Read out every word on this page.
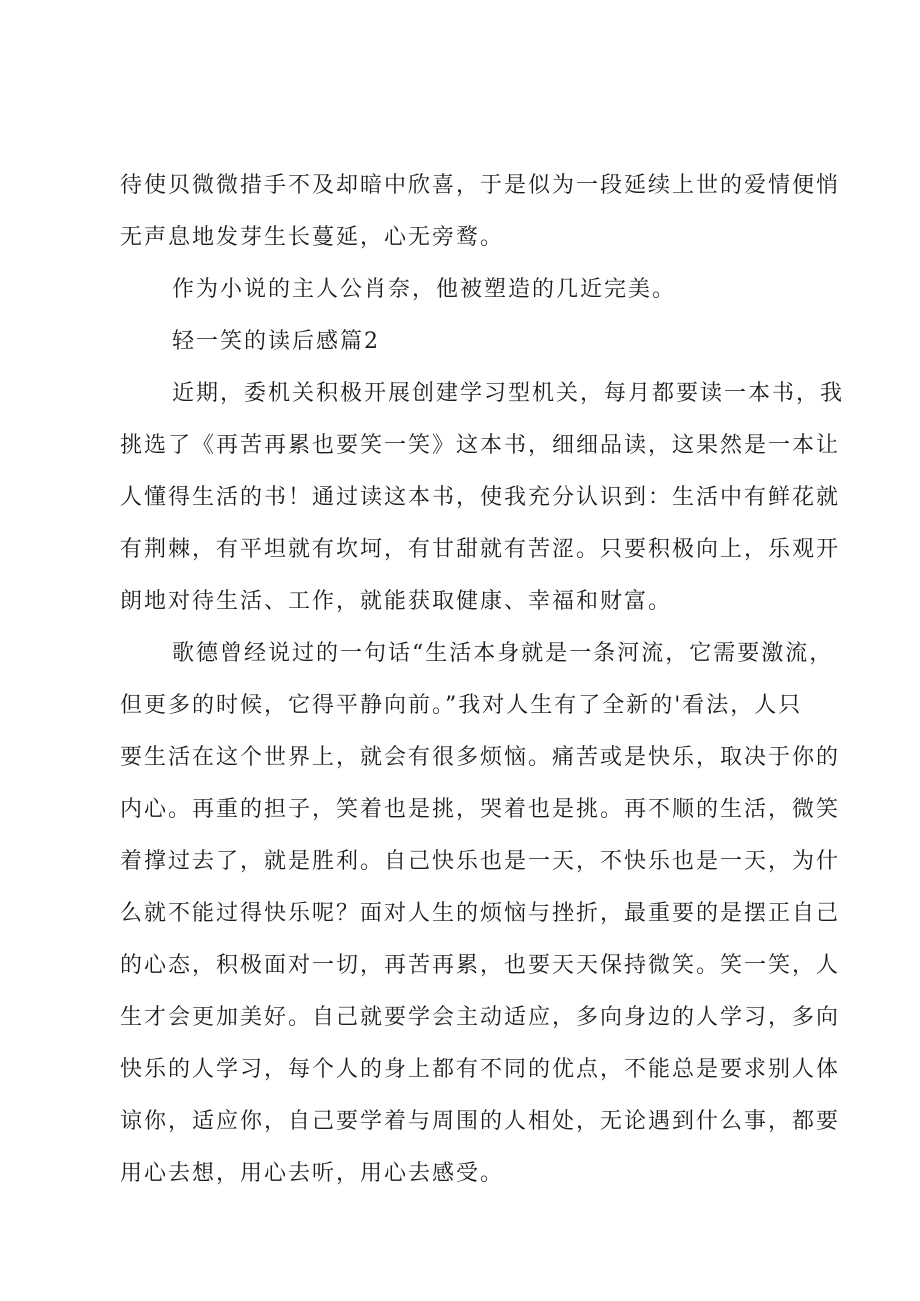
待使贝微微措手不及却暗中欣喜，于是似为一段延续上世的爱情便悄
无声息地发芽生长蔓延，心无旁鹜。
作为小说的主人公肖奈，他被塑造的几近完美。
轻一笑的读后感篇2
近期，委机关积极开展创建学习型机关，每月都要读一本书，我
挑选了《再苦再累也要笑一笑》这本书，细细品读，这果然是一本让
人懂得生活的书！通过读这本书，使我充分认识到：生活中有鲜花就
有荆棘，有平坦就有坎坷，有甘甜就有苦涩。只要积极向上，乐观开
朗地对待生活、工作，就能获取健康、幸福和财富。
歌德曾经说过的一句话“生活本身就是一条河流，它需要激流，
但更多的时候，它得平静向前。”我对人生有了全新的'看法，人只
要生活在这个世界上，就会有很多烦恼。痛苦或是快乐，取决于你的
内心。再重的担子，笑着也是挑，哭着也是挑。再不顺的生活，微笑
着撑过去了，就是胜利。自己快乐也是一天，不快乐也是一天，为什
么就不能过得快乐呢？面对人生的烦恼与挫折，最重要的是摆正自己
的心态，积极面对一切，再苦再累，也要天天保持微笑。笑一笑，人
生才会更加美好。自己就要学会主动适应，多向身边的人学习，多向
快乐的人学习，每个人的身上都有不同的优点，不能总是要求别人体
谅你，适应你，自己要学着与周围的人相处，无论遇到什么事，都要
用心去想，用心去听，用心去感受。
